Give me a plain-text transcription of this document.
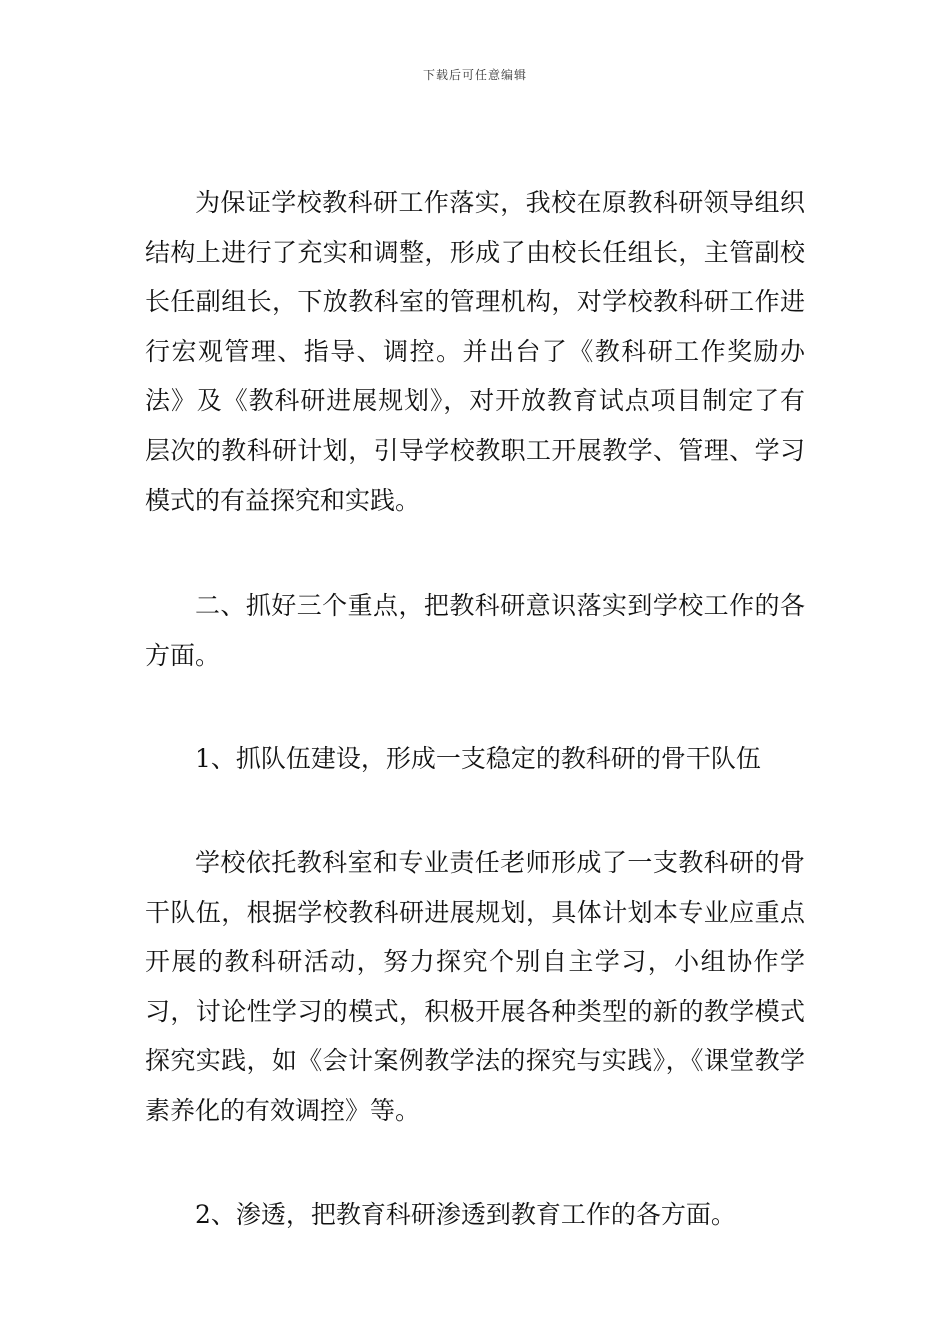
下载后可任意编辑

为保证学校教科研工作落实，我校在原教科研领导组织结构上进行了充实和调整，形成了由校长任组长，主管副校长任副组长，下放教科室的管理机构，对学校教科研工作进行宏观管理、指导、调控。并出台了《教科研工作奖励办法》及《教科研进展规划》，对开放教育试点项目制定了有层次的教科研计划，引导学校教职工开展教学、管理、学习模式的有益探究和实践。

二、抓好三个重点，把教科研意识落实到学校工作的各方面。

1、抓队伍建设，形成一支稳定的教科研的骨干队伍

学校依托教科室和专业责任老师形成了一支教科研的骨干队伍，根据学校教科研进展规划，具体计划本专业应重点开展的教科研活动，努力探究个别自主学习，小组协作学习，讨论性学习的模式，积极开展各种类型的新的教学模式探究实践，如《会计案例教学法的探究与实践》，《课堂教学素养化的有效调控》等。

2、渗透，把教育科研渗透到教育工作的各方面。
